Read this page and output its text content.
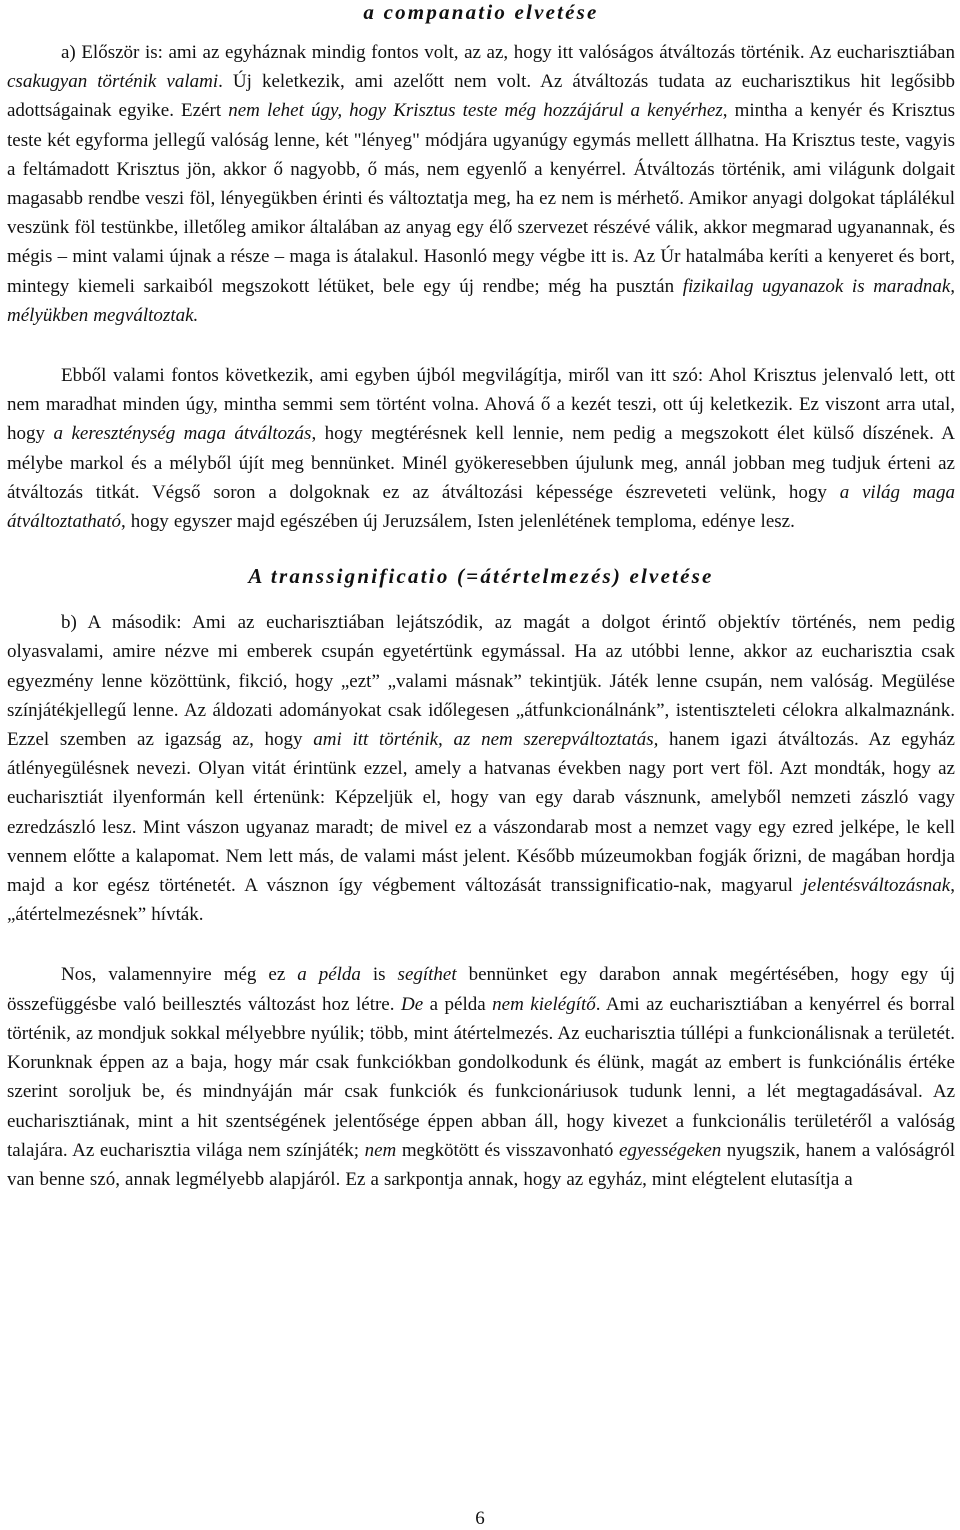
a companatio elvetése

a) Először is: ami az egyháznak mindig fontos volt, az az, hogy itt valóságos átváltozás történik. Az eucharisztiában csakugyan történik valami. Új keletkezik, ami azelőtt nem volt. Az átváltozás tudata az eucharisztikus hit legősibb adottságainak egyike. Ezért nem lehet úgy, hogy Krisztus teste még hozzájárul a kenyérhez, mintha a kenyér és Krisztus teste két egyforma jellegű valóság lenne, két "lényeg" módjára ugyanúgy egymás mellett állhatna. Ha Krisztus teste, vagyis a feltámadott Krisztus jön, akkor ő nagyobb, ő más, nem egyenlő a kenyérrel. Átváltozás történik, ami világunk dolgait magasabb rendbe veszi föl, lényegükben érinti és változtatja meg, ha ez nem is mérhető. Amikor anyagi dolgokat táplálékul veszünk föl testünkbe, illetőleg amikor általában az anyag egy élő szervezet részévé válik, akkor megmarad ugyanannak, és mégis – mint valami újnak a része – maga is átalakul. Hasonló megy végbe itt is. Az Úr hatalmába keríti a kenyeret és bort, mintegy kiemeli sarkaiból megszokott létüket, bele egy új rendbe; még ha pusztán fizikailag ugyanazok is maradnak, mélyükben megváltoztak.

Ebből valami fontos következik, ami egyben újból megvilágítja, miről van itt szó: Ahol Krisztus jelenvaló lett, ott nem maradhat minden úgy, mintha semmi sem történt volna. Ahová ő a kezét teszi, ott új keletkezik. Ez viszont arra utal, hogy a kereszténység maga átváltozás, hogy megtérésnek kell lennie, nem pedig a megszokott élet külső díszének. A mélybe markol és a mélyből újít meg bennünket. Minél gyökeresebben újulunk meg, annál jobban meg tudjuk érteni az átváltozás titkát. Végső soron a dolgoknak ez az átváltozási képessége észreveteti velünk, hogy a világ maga átváltoztatható, hogy egyszer majd egészében új Jeruzsálem, Isten jelenlétének temploma, edénye lesz.

A transsignificatio (=átértelmezés) elvetése

b) A második: Ami az eucharisztiában lejátszódik, az magát a dolgot érintő objektív történés, nem pedig olyasvalami, amire nézve mi emberek csupán egyetértünk egymással. Ha az utóbbi lenne, akkor az eucharisztia csak egyezmény lenne közöttünk, fikció, hogy „ezt” „valami másnak” tekintjük. Játék lenne csupán, nem valóság. Megülése színjátékjellegű lenne. Az áldozati adományokat csak időlegesen „átfunkcionálnánk”, istentiszteleti célokra alkalmaznánk. Ezzel szemben az igazság az, hogy ami itt történik, az nem szerepváltoztatás, hanem igazi átváltozás. Az egyház átlényegülésnek nevezi. Olyan vitát érintünk ezzel, amely a hatvanas években nagy port vert föl. Azt mondták, hogy az eucharisztiát ilyenformán kell értenünk: Képzeljük el, hogy van egy darab vásznunk, amelyből nemzeti zászló vagy ezredzászló lesz. Mint vászon ugyanaz maradt; de mivel ez a vászondarab most a nemzet vagy egy ezred jelképe, le kell vennem előtte a kalapomat. Nem lett más, de valami mást jelent. Később múzeumokban fogják őrizni, de magában hordja majd a kor egész történetét. A vásznon így végbement változását transsignificatio-nak, magyarul jelentésváltozásnak, „átértelmezésnek” hívták.

Nos, valamennyire még ez a példa is segíthet bennünket egy darabon annak megértésében, hogy egy új összefüggésbe való beillesztés változást hoz létre. De a példa nem kielégítő. Ami az eucharisztiában a kenyérrel és borral történik, az mondjuk sokkal mélyebbre nyúlik; több, mint átértelmezés. Az eucharisztia túllépi a funkcionálisnak a területét. Korunknak éppen az a baja, hogy már csak funkciókban gondolkodunk és élünk, magát az embert is funkciónális értéke szerint soroljuk be, és mindnyáján már csak funkciók és funkcionáriusok tudunk lenni, a lét megtagadásával. Az eucharisztiának, mint a hit szentségének jelentősége éppen abban áll, hogy kivezet a funkcionális területéről a valóság talajára. Az eucharisztia világa nem színjáték; nem megkötött és visszavonható egyességeken nyugszik, hanem a valóságról van benne szó, annak legmélyebb alapjáról. Ez a sarkpontja annak, hogy az egyház, mint elégtelent elutasítja a

6
